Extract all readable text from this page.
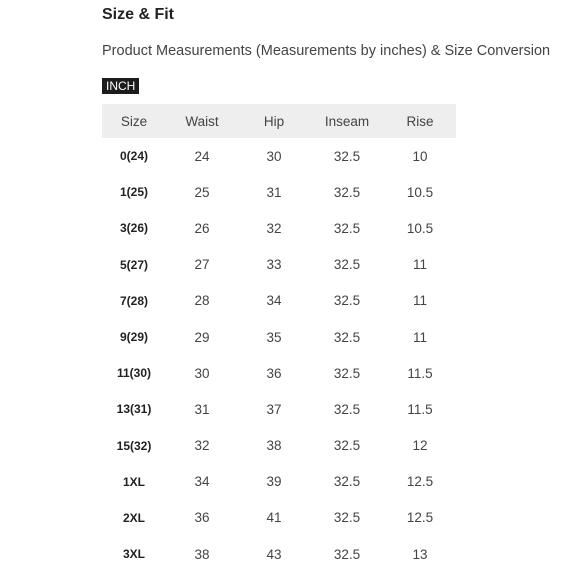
Size & Fit
Product Measurements (Measurements by inches) & Size Conversion
INCH
Size	Waist	Hip	Inseam	Rise
0(24)	24	30	32.5	10
1(25)	25	31	32.5	10.5
3(26)	26	32	32.5	10.5
5(27)	27	33	32.5	11
7(28)	28	34	32.5	11
9(29)	29	35	32.5	11
11(30)	30	36	32.5	11.5
13(31)	31	37	32.5	11.5
15(32)	32	38	32.5	12
1XL	34	39	32.5	12.5
2XL	36	41	32.5	12.5
3XL	38	43	32.5	13
